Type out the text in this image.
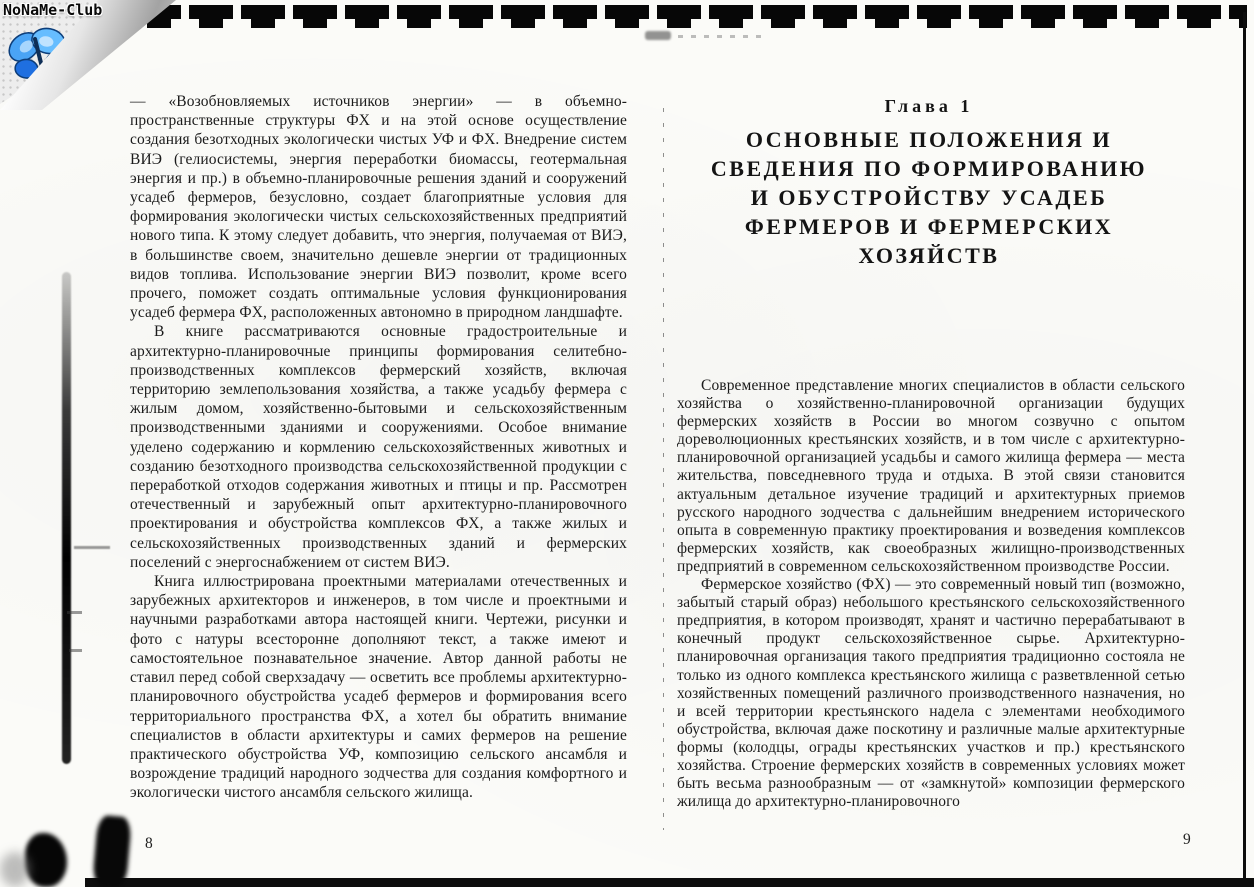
NoNaMe-Club

— «Возобновляемых источников энергии» — в объемно-пространственные структуры ФХ и на этой основе осуществление создания безотходных экологически чистых УФ и ФХ. Внедрение систем ВИЭ (гелиосистемы, энергия переработки биомассы, геотермальная энергия и пр.) в объемно-планировочные решения зданий и сооружений усадеб фермеров, безусловно, создает благоприятные условия для формирования экологически чистых сельскохозяйственных предприятий нового типа. К этому следует добавить, что энергия, получаемая от ВИЭ, в большинстве своем, значительно дешевле энергии от традиционных видов топлива. Использование энергии ВИЭ позволит, кроме всего прочего, поможет создать оптимальные условия функционирования усадеб фермера ФХ, расположенных автономно в природном ландшафте.

В книге рассматриваются основные градостроительные и архитектурно-планировочные принципы формирования селитебно-производственных комплексов фермерский хозяйств, включая территорию землепользования хозяйства, а также усадьбу фермера с жилым домом, хозяйственно-бытовыми и сельскохозяйственным производственными зданиями и сооружениями. Особое внимание уделено содержанию и кормлению сельскохозяйственных животных и созданию безотходного производства сельскохозяйственной продукции с переработкой отходов содержания животных и птицы и пр. Рассмотрен отечественный и зарубежный опыт архитектурно-планировочного проектирования и обустройства комплексов ФХ, а также жилых и сельскохозяйственных производственных зданий и фермерских поселений с энергоснабжением от систем ВИЭ.

Книга иллюстрирована проектными материалами отечественных и зарубежных архитекторов и инженеров, в том числе и проектными и научными разработками автора настоящей книги. Чертежи, рисунки и фото с натуры всесторонне дополняют текст, а также имеют и самостоятельное познавательное значение. Автор данной работы не ставил перед собой сверхзадачу — осветить все проблемы архитектурно-планировочного обустройства усадеб фермеров и формирования всего территориального пространства ФХ, а хотел бы обратить внимание специалистов в области архитектуры и самих фермеров на решение практического обустройства УФ, композицию сельского ансамбля и возрождение традиций народного зодчества для создания комфортного и экологически чистого ансамбля сельского жилища.

8
Глава 1
ОСНОВНЫЕ ПОЛОЖЕНИЯ И
СВЕДЕНИЯ ПО ФОРМИРОВАНИЮ
И ОБУСТРОЙСТВУ УСАДЕБ
ФЕРМЕРОВ И ФЕРМЕРСКИХ
ХОЗЯЙСТВ

Современное представление многих специалистов в области сельского хозяйства о хозяйственно-планировочной организации будущих фермерских хозяйств в России во многом созвучно с опытом дореволюционных крестьянских хозяйств, и в том числе с архитектурно-планировочной организацией усадьбы и самого жилища фермера — места жительства, повседневного труда и отдыха. В этой связи становится актуальным детальное изучение традиций и архитектурных приемов русского народного зодчества с дальнейшим внедрением исторического опыта в современную практику проектирования и возведения комплексов фермерских хозяйств, как своеобразных жилищно-производственных предприятий в современном сельскохозяйственном производстве России.

Фермерское хозяйство (ФХ) — это современный новый тип (возможно, забытый старый образ) небольшого крестьянского сельскохозяйственного предприятия, в котором производят, хранят и частично перерабатывают в конечный продукт сельскохозяйственное сырье. Архитектурно-планировочная организация такого предприятия традиционно состояла не только из одного комплекса крестьянского жилища с разветвленной сетью хозяйственных помещений различного производственного назначения, но и всей территории крестьянского надела с элементами необходимого обустройства, включая даже поскотину и различные малые архитектурные формы (колодцы, ограды крестьянских участков и пр.) крестьянского хозяйства. Строение фермерских хозяйств в современных условиях может быть весьма разнообразным — от «замкнутой» композиции фермерского жилища до архитектурно-планировочного

9
